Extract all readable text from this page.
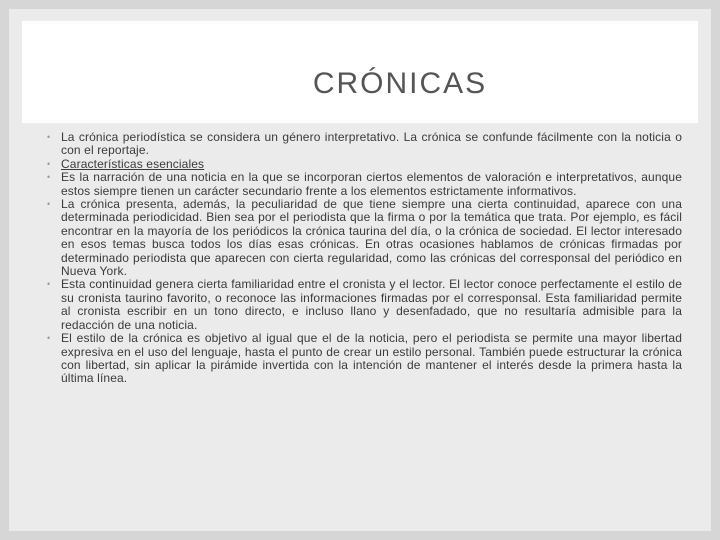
CRÓNICAS
• La crónica periodística se considera un género interpretativo. La crónica se confunde fácilmente con la noticia o con el reportaje.
• Características esenciales
• Es la narración de una noticia en la que se incorporan ciertos elementos de valoración e interpretativos, aunque estos siempre tienen un carácter secundario frente a los elementos estrictamente informativos.
• La crónica presenta, además, la peculiaridad de que tiene siempre una cierta continuidad, aparece con una determinada periodicidad. Bien sea por el periodista que la firma o por la temática que trata. Por ejemplo, es fácil encontrar en la mayoría de los periódicos la crónica taurina del día, o la crónica de sociedad. El lector interesado en esos temas busca todos los días esas crónicas. En otras ocasiones hablamos de crónicas firmadas por determinado periodista que aparecen con cierta regularidad, como las crónicas del corresponsal del periódico en Nueva York.
• Esta continuidad genera cierta familiaridad entre el cronista y el lector. El lector conoce perfectamente el estilo de su cronista taurino favorito, o reconoce las informaciones firmadas por el corresponsal. Esta familiaridad permite al cronista escribir en un tono directo, e incluso llano y desenfadado, que no resultaría admisible para la redacción de una noticia.
• El estilo de la crónica es objetivo al igual que el de la noticia, pero el periodista se permite una mayor libertad expresiva en el uso del lenguaje, hasta el punto de crear un estilo personal. También puede estructurar la crónica con libertad, sin aplicar la pirámide invertida con la intención de mantener el interés desde la primera hasta la última línea.
